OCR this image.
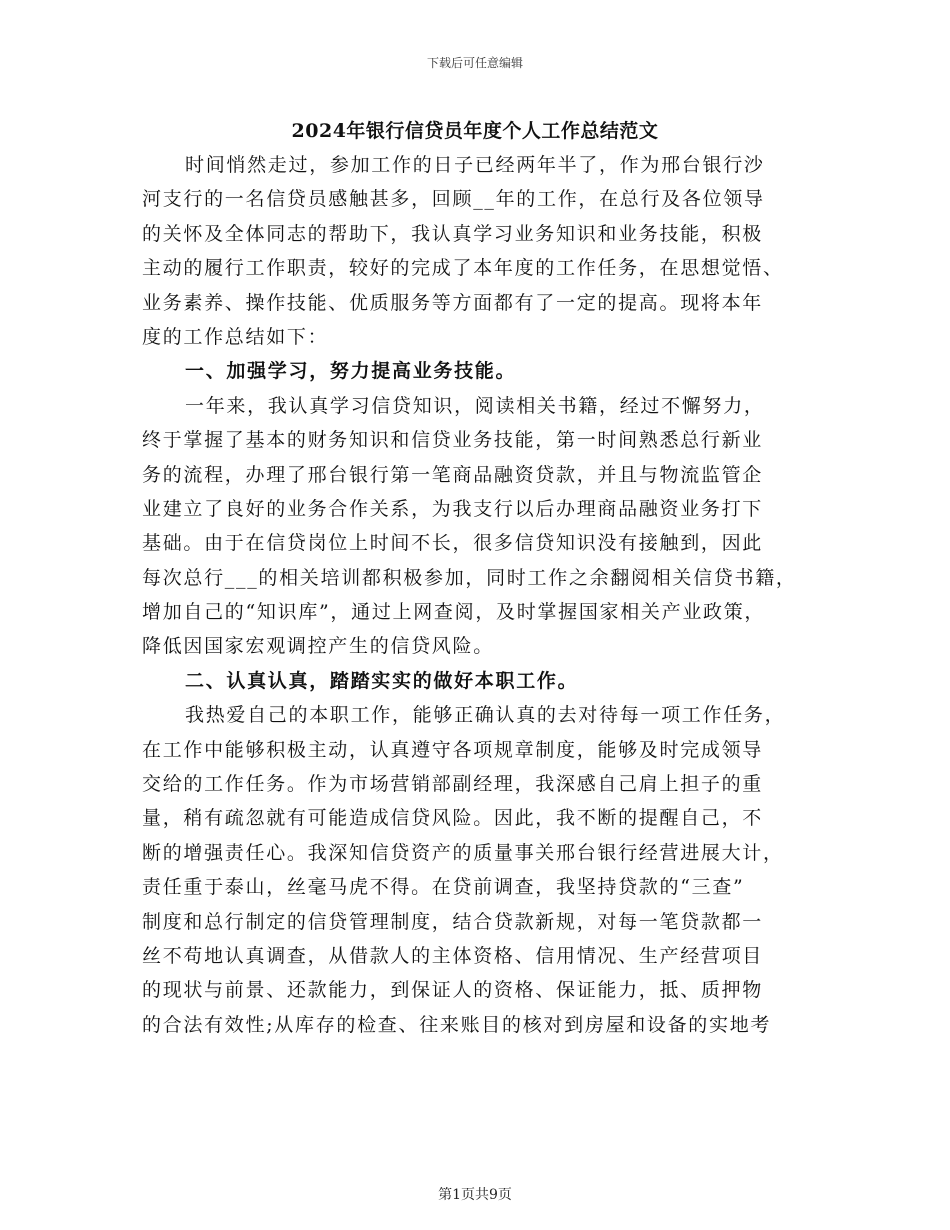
下载后可任意编辑
2024年银行信贷员年度个人工作总结范文
时间悄然走过，参加工作的日子已经两年半了，作为邢台银行沙
河支行的一名信贷员感触甚多，回顾__年的工作，在总行及各位领导
的关怀及全体同志的帮助下，我认真学习业务知识和业务技能，积极
主动的履行工作职责，较好的完成了本年度的工作任务，在思想觉悟、
业务素养、操作技能、优质服务等方面都有了一定的提高。现将本年
度的工作总结如下：
一、加强学习，努力提高业务技能。
一年来，我认真学习信贷知识，阅读相关书籍，经过不懈努力，
终于掌握了基本的财务知识和信贷业务技能，第一时间熟悉总行新业
务的流程，办理了邢台银行第一笔商品融资贷款，并且与物流监管企
业建立了良好的业务合作关系，为我支行以后办理商品融资业务打下
基础。由于在信贷岗位上时间不长，很多信贷知识没有接触到，因此
每次总行___的相关培训都积极参加，同时工作之余翻阅相关信贷书籍，
增加自己的“知识库”，通过上网查阅，及时掌握国家相关产业政策，
降低因国家宏观调控产生的信贷风险。
二、认真认真，踏踏实实的做好本职工作。
我热爱自己的本职工作，能够正确认真的去对待每一项工作任务，
在工作中能够积极主动，认真遵守各项规章制度，能够及时完成领导
交给的工作任务。作为市场营销部副经理，我深感自己肩上担子的重
量，稍有疏忽就有可能造成信贷风险。因此，我不断的提醒自己，不
断的增强责任心。我深知信贷资产的质量事关邢台银行经营进展大计，
责任重于泰山，丝毫马虎不得。在贷前调查，我坚持贷款的“三查”
制度和总行制定的信贷管理制度，结合贷款新规，对每一笔贷款都一
丝不苟地认真调查，从借款人的主体资格、信用情况、生产经营项目
的现状与前景、还款能力，到保证人的资格、保证能力，抵、质押物
的合法有效性;从库存的检查、往来账目的核对到房屋和设备的实地考
第1页共9页
